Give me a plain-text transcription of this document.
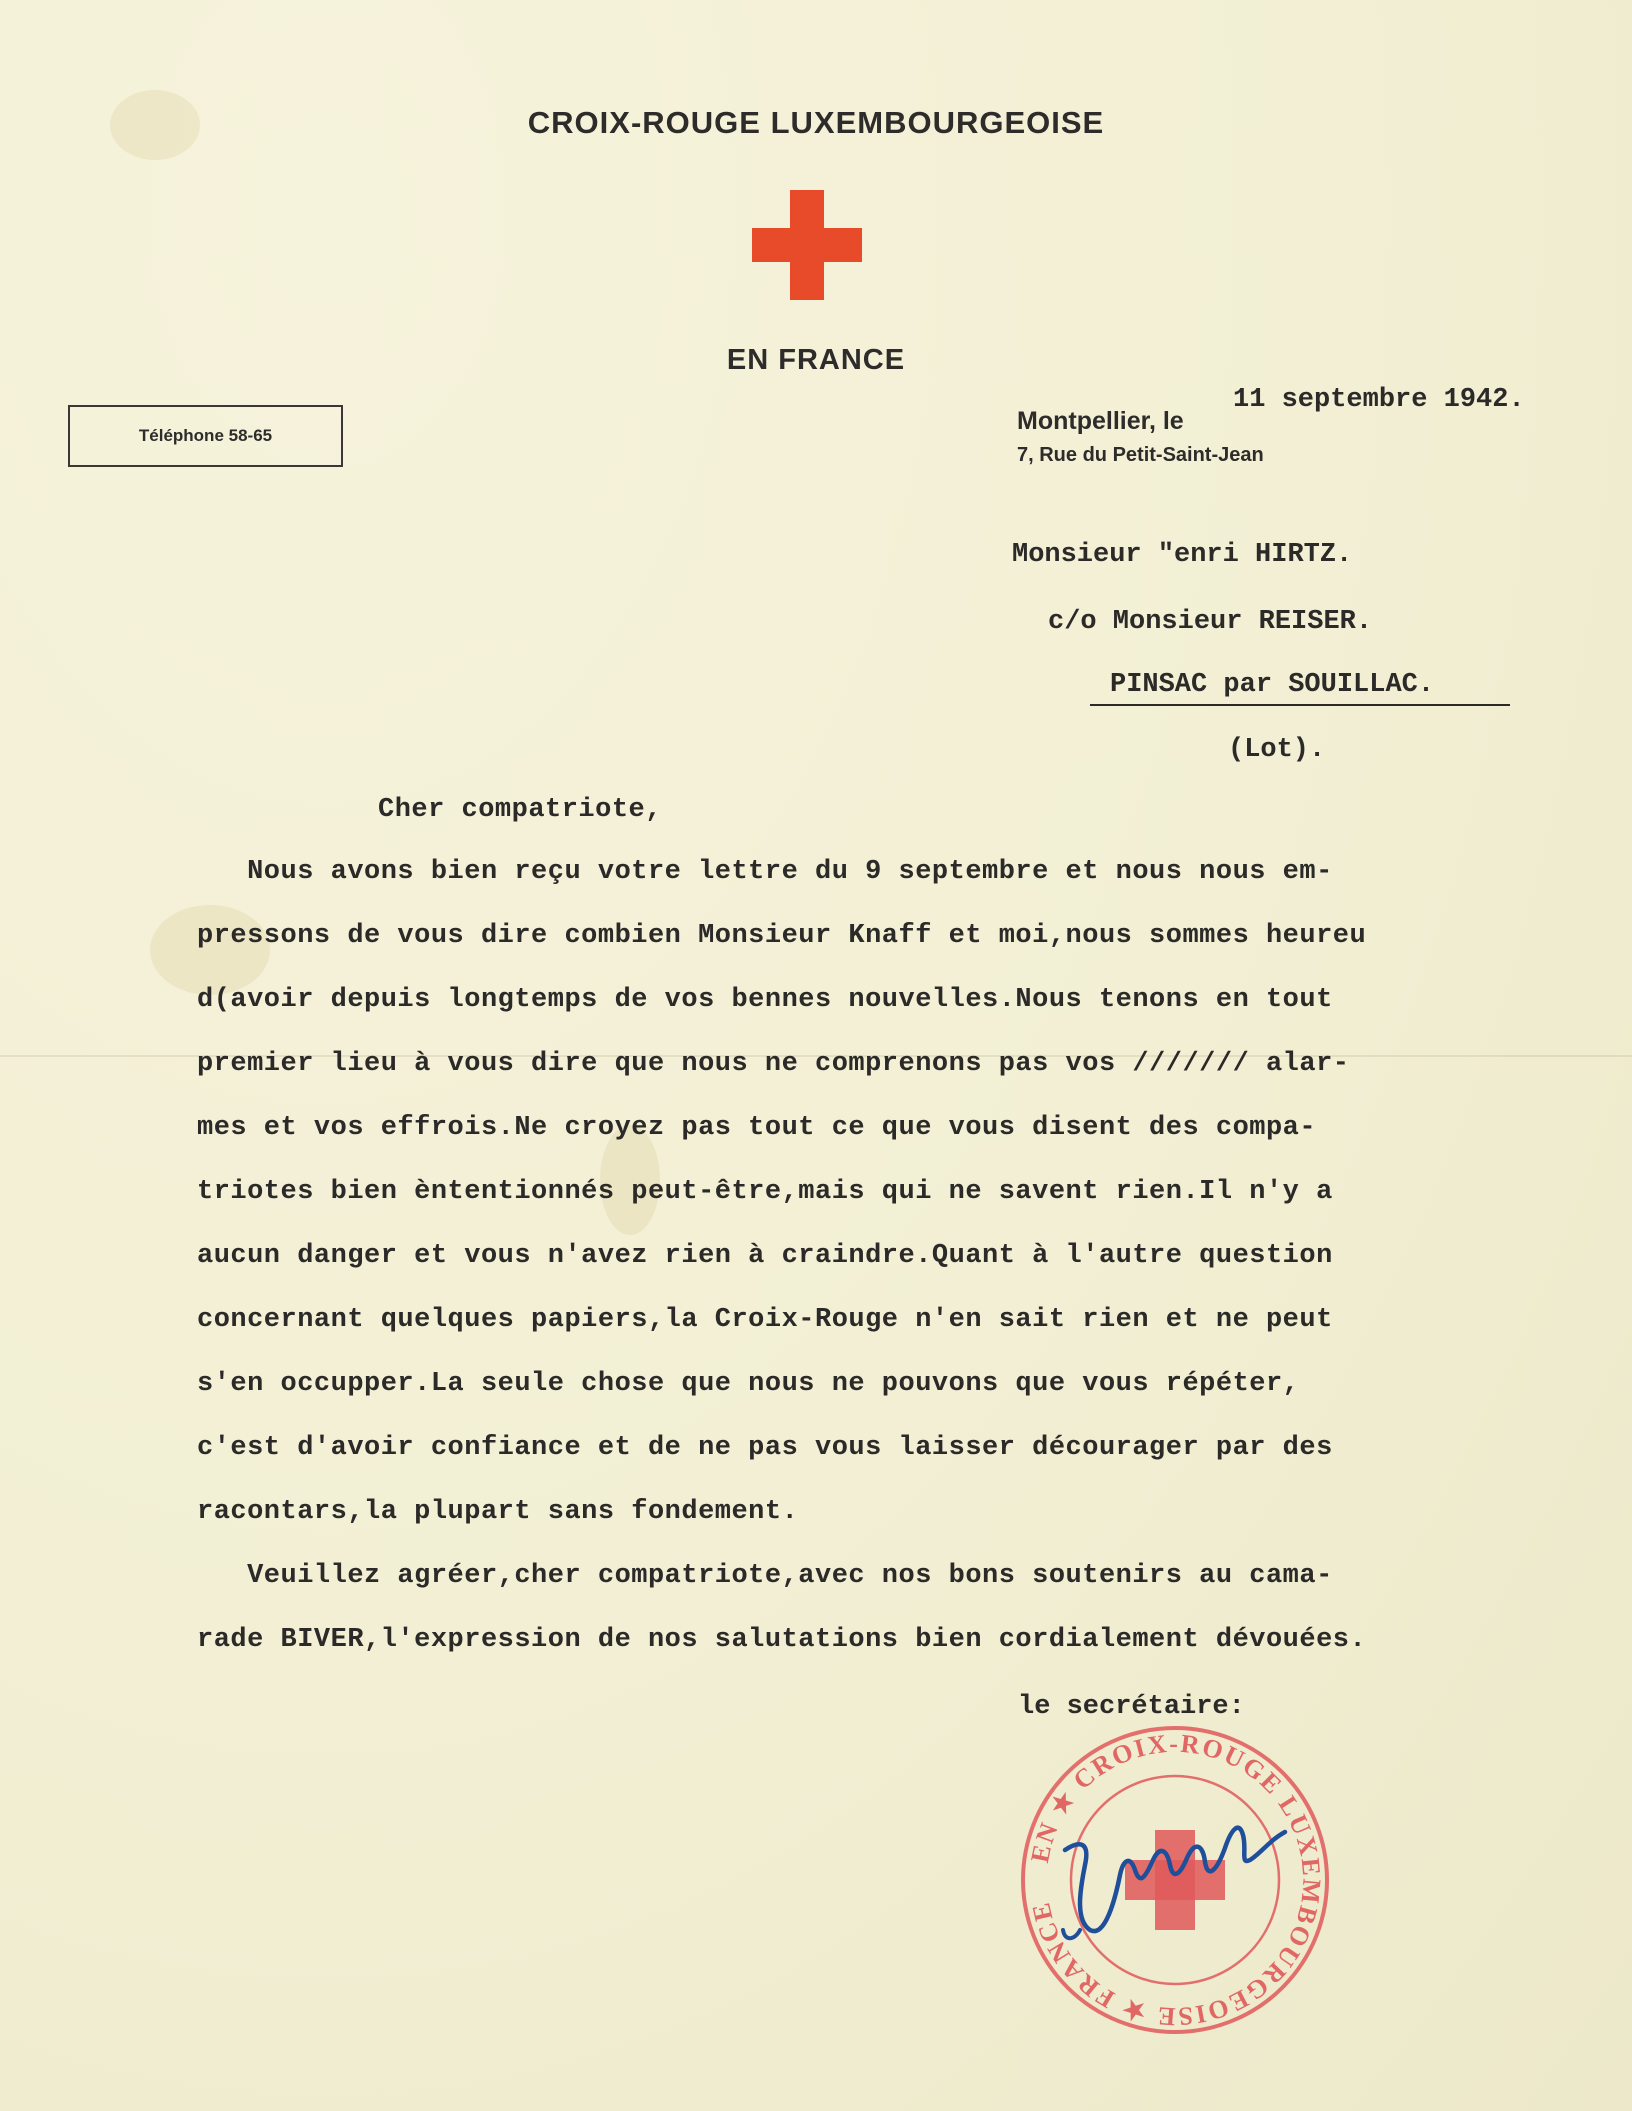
CROIX-ROUGE LUXEMBOURGEOISE
EN FRANCE
Téléphone 58-65
Montpellier, le
11 septembre 1942.
7, Rue du Petit-Saint-Jean
Monsieur "enri HIRTZ.
c/o Monsieur REISER.
PINSAC par SOUILLAC.
(Lot).
Cher compatriote,
Nous avons bien reçu votre lettre du 9 septembre et nous nous em-
pressons de vous dire combien Monsieur Knaff et moi,nous sommes heureu
d(avoir depuis longtemps de vos bennes nouvelles.Nous tenons en tout
premier lieu à vous dire que nous ne comprenons pas vos /////// alar-
mes et vos effrois.Ne croyez pas tout ce que vous disent des compa-
triotes bien èntentionnés peut-être,mais qui ne savent rien.Il n'y a
aucun danger et vous n'avez rien à craindre.Quant à l'autre question
concernant quelques papiers,la Croix-Rouge n'en sait rien et ne peut
s'en occupper.La seule chose que nous ne pouvons que vous répéter,
c'est d'avoir confiance et de ne pas vous laisser décourager par des
racontars,la plupart sans fondement.
Veuillez agréer,cher compatriote,avec nos bons soutenirs au cama-
rade BIVER,l'expression de nos salutations bien cordialement dévouées.
le secrétaire:
EN ★ CROIX-ROUGE LUXEMBOURGEOISE ★ FRANCE
